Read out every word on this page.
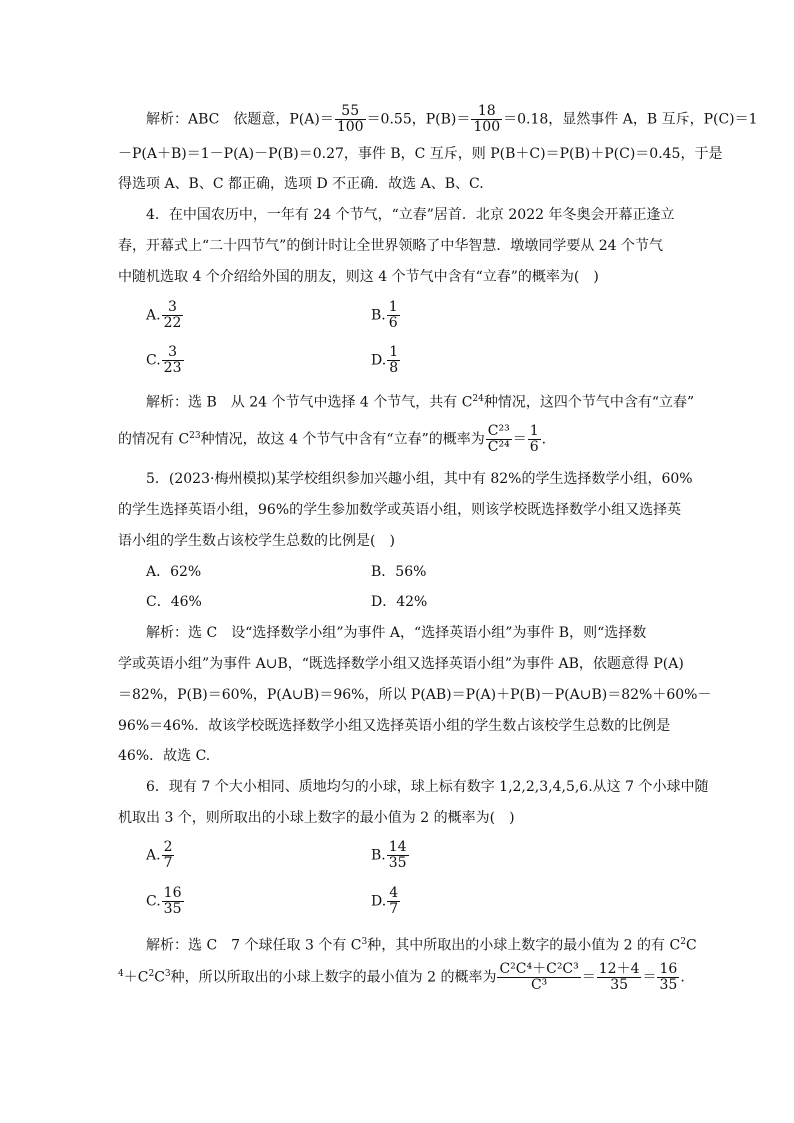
解析：ABC　依题意，$P(A)= \frac{55}{100} =0.55$，$P(B)= \frac{18}{100} =0.18$，显然事件 A，B 互斥，P(C)＝1
－P(A＋B)＝1－P(A)－P(B)＝0.27，事件 B，C 互斥，则 P(B＋C)＝P(B)＋P(C)＝0.45，于是
得选项 A、B、C 都正确，选项 D 不正确．故选 A、B、C.
4．在中国农历中，一年有 24 个节气，“立春”居首．北京 2022 年冬奥会开幕正逢立
春，开幕式上“二十四节气”的倒计时让全世界领略了中华智慧．墩墩同学要从 24 个节气
中随机选取 4 个介绍给外国的朋友，则这 4 个节气中含有“立春”的概率为(　)
A. $\frac{3}{22}$	B. $\frac{1}{6}$
C. $\frac{3}{23}$	D. $\frac{1}{8}$
解析：选 B　从 24 个节气中选择 4 个节气，共有 $C^{24}$种情况，这四个节气中含有“立春”
的情况有 $C^{23}$种情况，故这 4 个节气中含有“立春”的概率为 $\frac{\text{C²³}}{\text{C²⁴}} = \frac{1}{6}$ .
5．(2023·梅州模拟)某学校组织参加兴趣小组，其中有 82%的学生选择数学小组，60%
的学生选择英语小组，96%的学生参加数学或英语小组，则该学校既选择数学小组又选择英
语小组的学生数占该校学生总数的比例是(　)
A．62%	B．56%
C．46%	D．42%
解析：选 C　设“选择数学小组”为事件 A，“选择英语小组”为事件 B，则“选择数
学或英语小组”为事件 A∪B，“既选择数学小组又选择英语小组”为事件 AB，依题意得 P(A)
＝82%，P(B)＝60%，P(A∪B)＝96%，所以 P(AB)＝P(A)＋P(B)－P(A∪B)＝82%＋60%－
96%＝46%．故该学校既选择数学小组又选择英语小组的学生数占该校学生总数的比例是
46%．故选 C.
6．现有 7 个大小相同、质地均匀的小球，球上标有数字 1,2,2,3,4,5,6.从这 7 个小球中随
机取出 3 个，则所取出的小球上数字的最小值为 2 的概率为(　)
A. $\frac{2}{7}$	B. $\frac{14}{35}$
C. $\frac{16}{35}$	D. $\frac{4}{7}$
解析：选 C　7 个球任取 3 个有 $C^3$种，其中所取出的小球上数字的最小值为 2 的有 $C^2C$
$^4+C^2C^3$种，所以所取出的小球上数字的最小值为 2 的概率为 $\frac{\text{C²C⁴＋C²C³}}{\text{C³}} = \frac{12+4}{35} = \frac{16}{35}$ .
